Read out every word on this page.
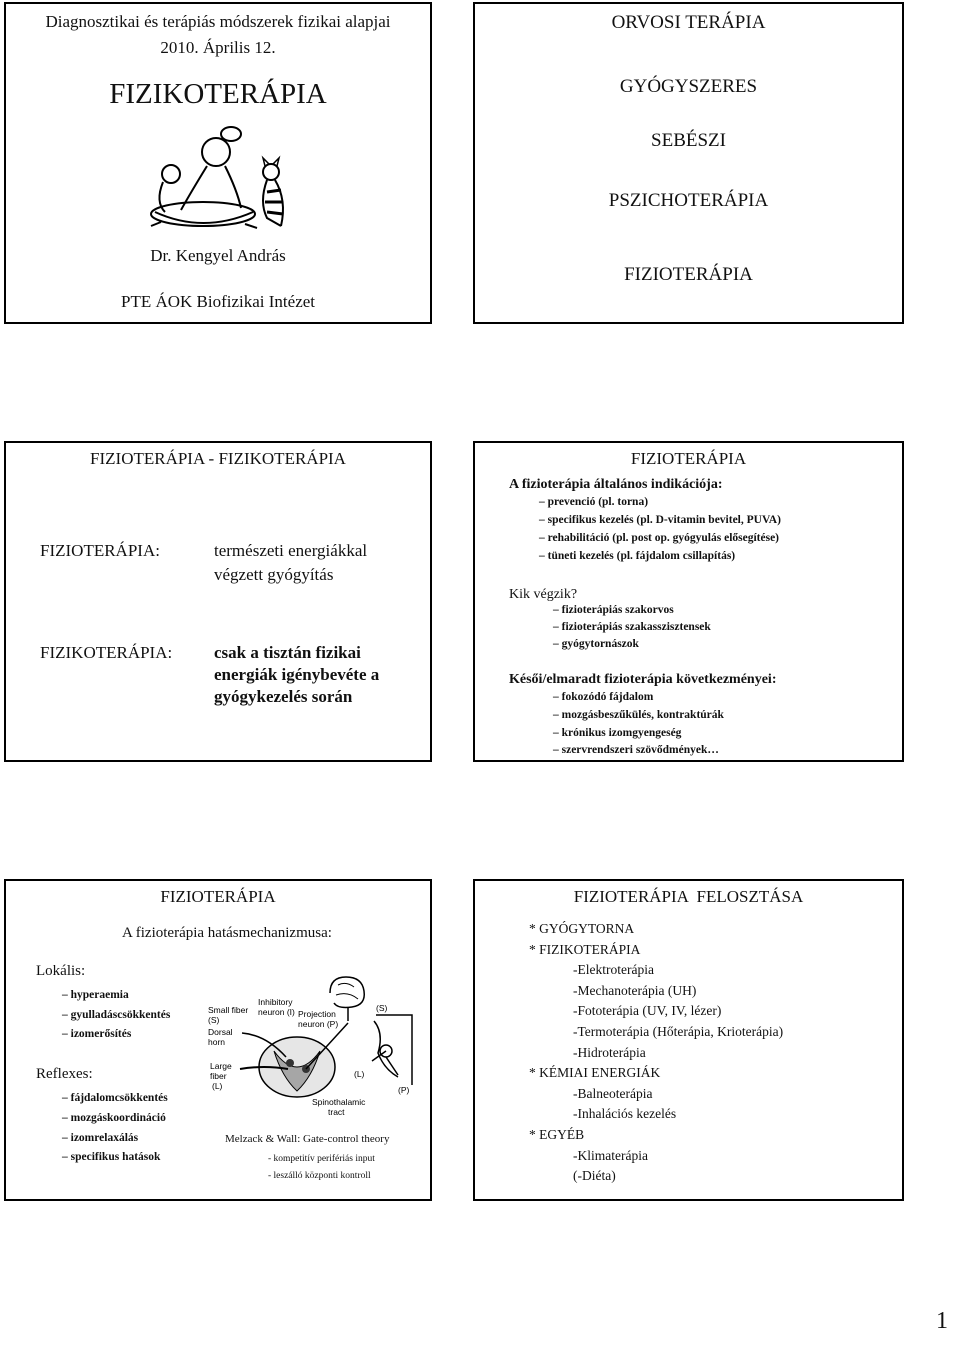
Diagnosztikai és terápiás módszerek fizikai alapjai
2010. Április 12.
FIZIKOTERÁPIA
Dr. Kengyel András
PTE ÁOK Biofizikai Intézet
ORVOSI TERÁPIA
GYÓGYSZERES
SEBÉSZI
PSZICHOTERÁPIA
FIZIOTERÁPIA
FIZIOTERÁPIA - FIZIKOTERÁPIA
FIZIOTERÁPIA:	természeti energiákkal
végzett gyógyítás
FIZIKOTERÁPIA: csak a tisztán fizikai
energiák igénybevéte a
gyógykezelés során
FIZIOTERÁPIA
A fizioterápia általános indikációja:
– prevenció (pl. torna)
– specifikus kezelés (pl. D-vitamin bevitel, PUVA)
– rehabilitáció (pl. post op. gyógyulás elősegítése)
– tüneti kezelés (pl. fájdalom csillapítás)
Kik végzik?
– fizioterápiás szakorvos
– fizioterápiás szakasszisztensek
– gyógytornászok
Késői/elmaradt fizioterápia következményei:
– fokozódó fájdalom
– mozgásbeszűkülés, kontraktúrák
– krónikus izomgyengeség
– szervrendszeri szövődmények…
FIZIOTERÁPIA
A fizioterápia hatásmechanizmusa:
Lokális:
– hyperaemia
– gyulladáscsökkentés
– izomerősítés
Reflexes:
– fájdalomcsökkentés
– mozgáskoordináció
– izomrelaxálás
– specifikus hatások
Small fiber
(S)
Inhibitory
neuron (I) Projection
neuron (P)
Dorsal
horn
Large
fiber
(L)
Spinothalamic
tract
(S)
(L)
(P)
Melzack & Wall: Gate-control theory
- kompetitív perifériás input
- leszálló központi kontroll
FIZIOTERÁPIA  FELOSZTÁSA
* GYÓGYTORNA
* FIZIKOTERÁPIA
-Elektroterápia
-Mechanoterápia (UH)
-Fototerápia (UV, IV, lézer)
-Termoterápia (Hőterápia, Krioterápia)
-Hidroterápia
* KÉMIAI ENERGIÁK
-Balneoterápia
-Inhalációs kezelés
* EGYÉB
-Klimaterápia
(-Diéta)
1
